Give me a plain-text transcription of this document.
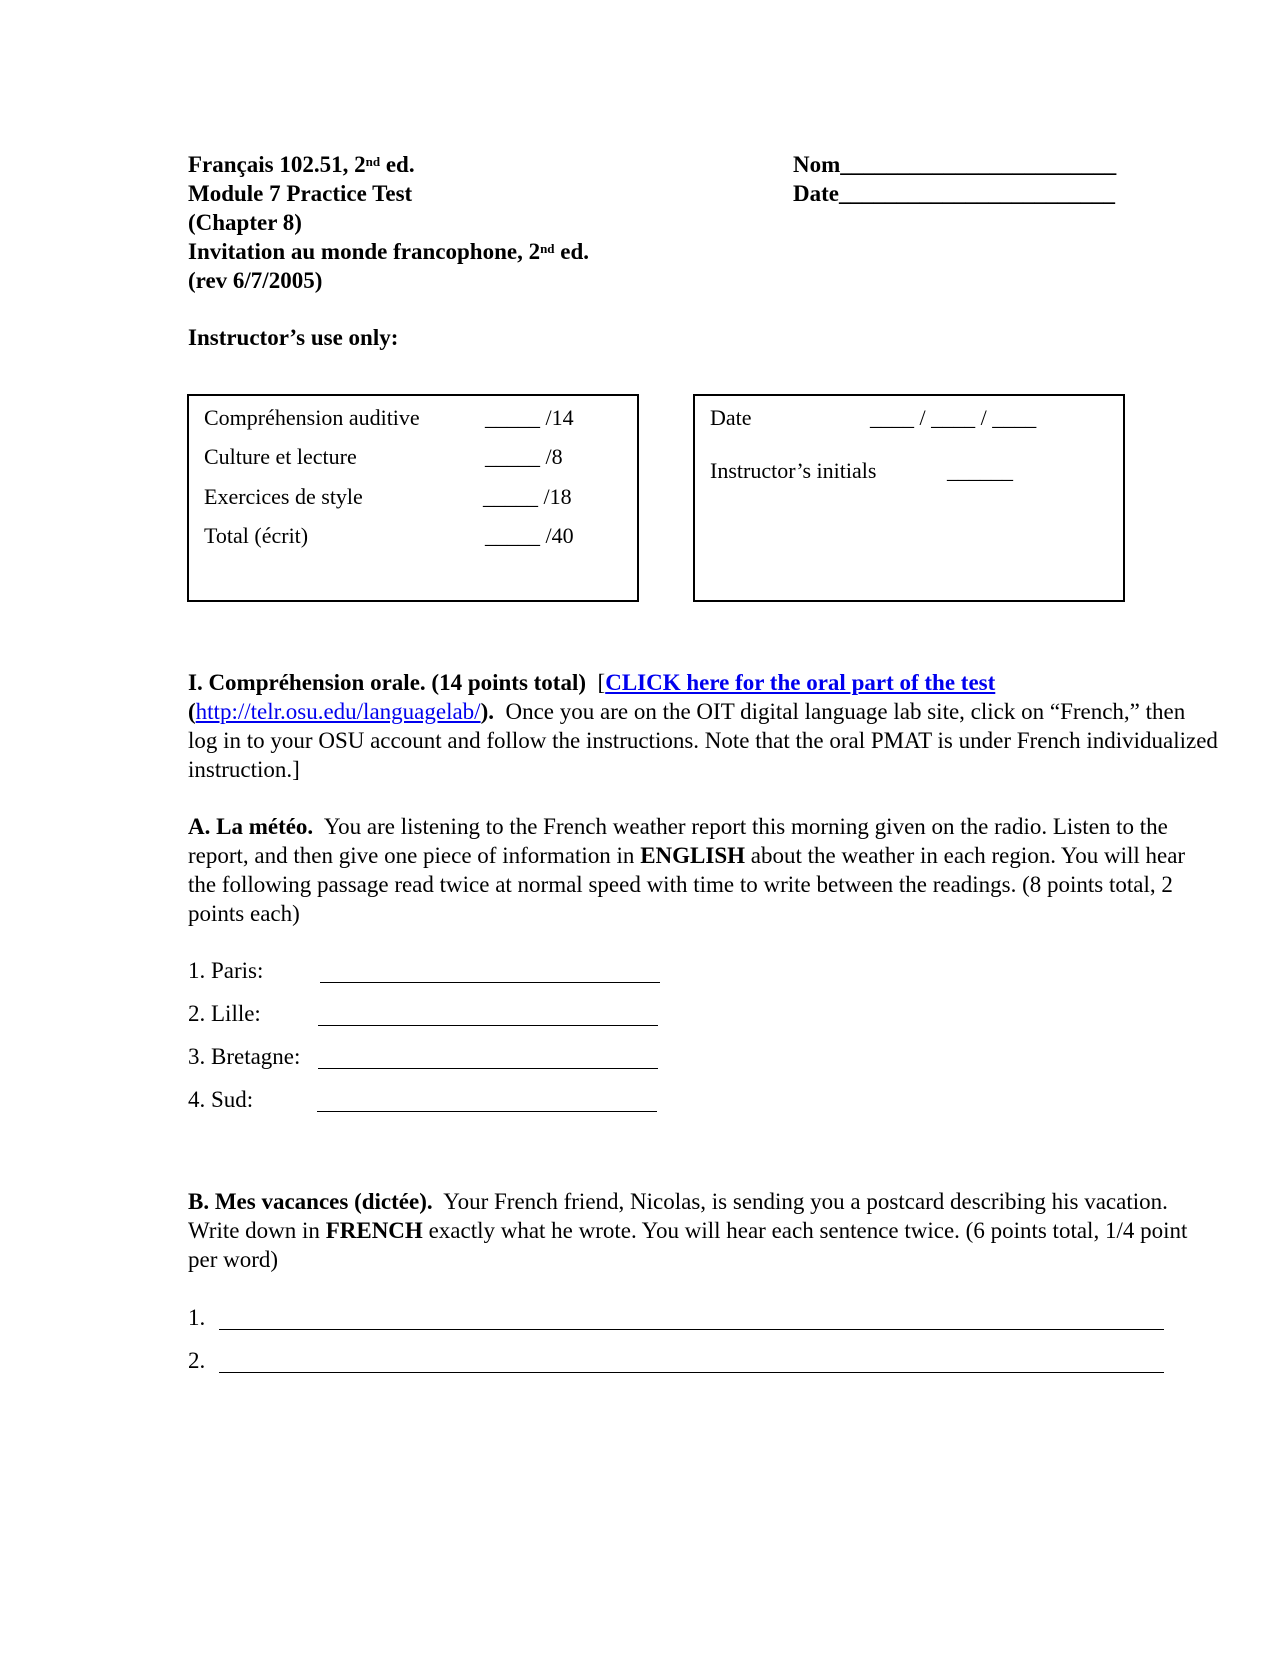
Français 102.51, 2nd ed.
Module 7 Practice Test
(Chapter 8)
Invitation au monde francophone, 2nd ed.
(rev 6/7/2005)
Nom________________________
Date________________________
Instructor’s use only:
Compréhension auditive	_____ /14
Culture et lecture	_____ /8
Exercices de style	_____ /18
Total (écrit)	_____ /40
Date	____ / ____ / ____
Instructor’s initials	______
I. Compréhension orale. (14 points total) [CLICK here for the oral part of the test
(http://telr.osu.edu/languagelab/). Once you are on the OIT digital language lab site, click on “French,” then log in to your OSU account and follow the instructions. Note that the oral PMAT is under French individualized instruction.]
A. La météo. You are listening to the French weather report this morning given on the radio. Listen to the report, and then give one piece of information in ENGLISH about the weather in each region. You will hear the following passage read twice at normal speed with time to write between the readings. (8 points total, 2 points each)
1. Paris:
2. Lille:
3. Bretagne:
4. Sud:
B. Mes vacances (dictée). Your French friend, Nicolas, is sending you a postcard describing his vacation. Write down in FRENCH exactly what he wrote. You will hear each sentence twice. (6 points total, 1/4 point per word)
1.
2.
